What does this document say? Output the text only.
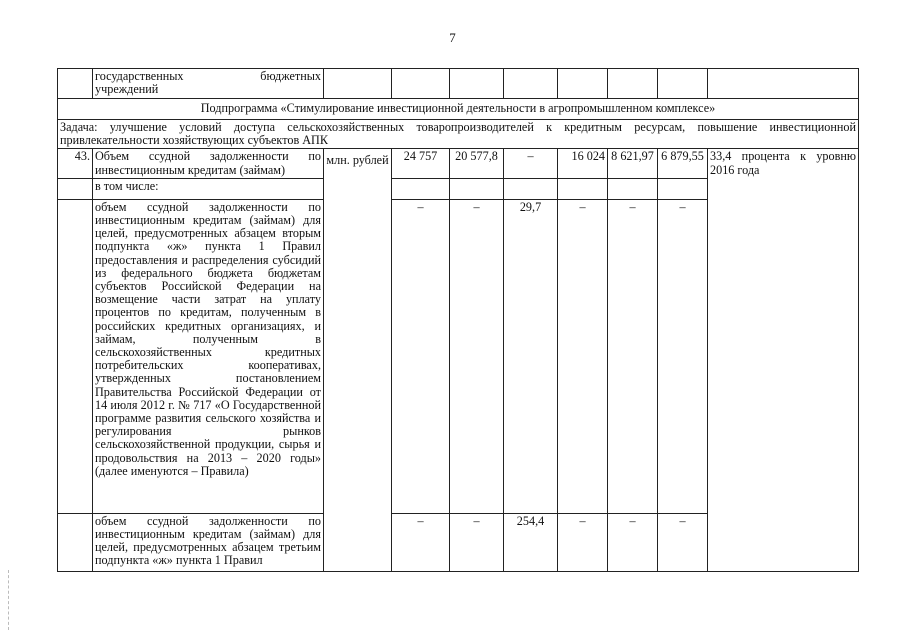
7

	государственных бюджетных
учреждений								

Подпрограмма «Стимулирование инвестиционной деятельности в агропромышленном комплексе»									
Задача: улучшение условий доступа сельскохозяйственных товаропроизводителей к кредитным ресурсам, повышение инвестиционной привлекательности хозяйствующих субъектов АПК									
43.	Объем ссудной задолженности по инвестиционным кредитам (займам)	млн. рублей	24 757	20 577,8	–	16 024	8 621,97	6 879,55	33,4 процента к уровню 2016 года
	в том числе:								
	объем ссудной задолженности по инвестиционным кредитам (займам) для целей, предусмотренных абзацем вторым подпункта «ж» пункта 1 Правил предоставления и распределения субсидий из федерального бюджета бюджетам субъектов Российской Федерации на возмещение части затрат на уплату процентов по кредитам, полученным в российских кредитных организациях, и займам, полученным в сельскохозяйственных кредитных потребительских кооперативах, утвержденных постановлением Правительства Российской Федерации от 14 июля 2012 г. № 717 «О Государственной программе развития сельского хозяйства и регулирования рынков сельскохозяйственной продукции, сырья и продовольствия на 2013 – 2020 годы» (далее именуются – Правила)		–	–	29,7	–	–	–	
	объем ссудной задолженности по инвестиционным кредитам (займам) для целей, предусмотренных абзацем третьим подпункта «ж» пункта 1 Правил		–	–	254,4	–	–	–	
